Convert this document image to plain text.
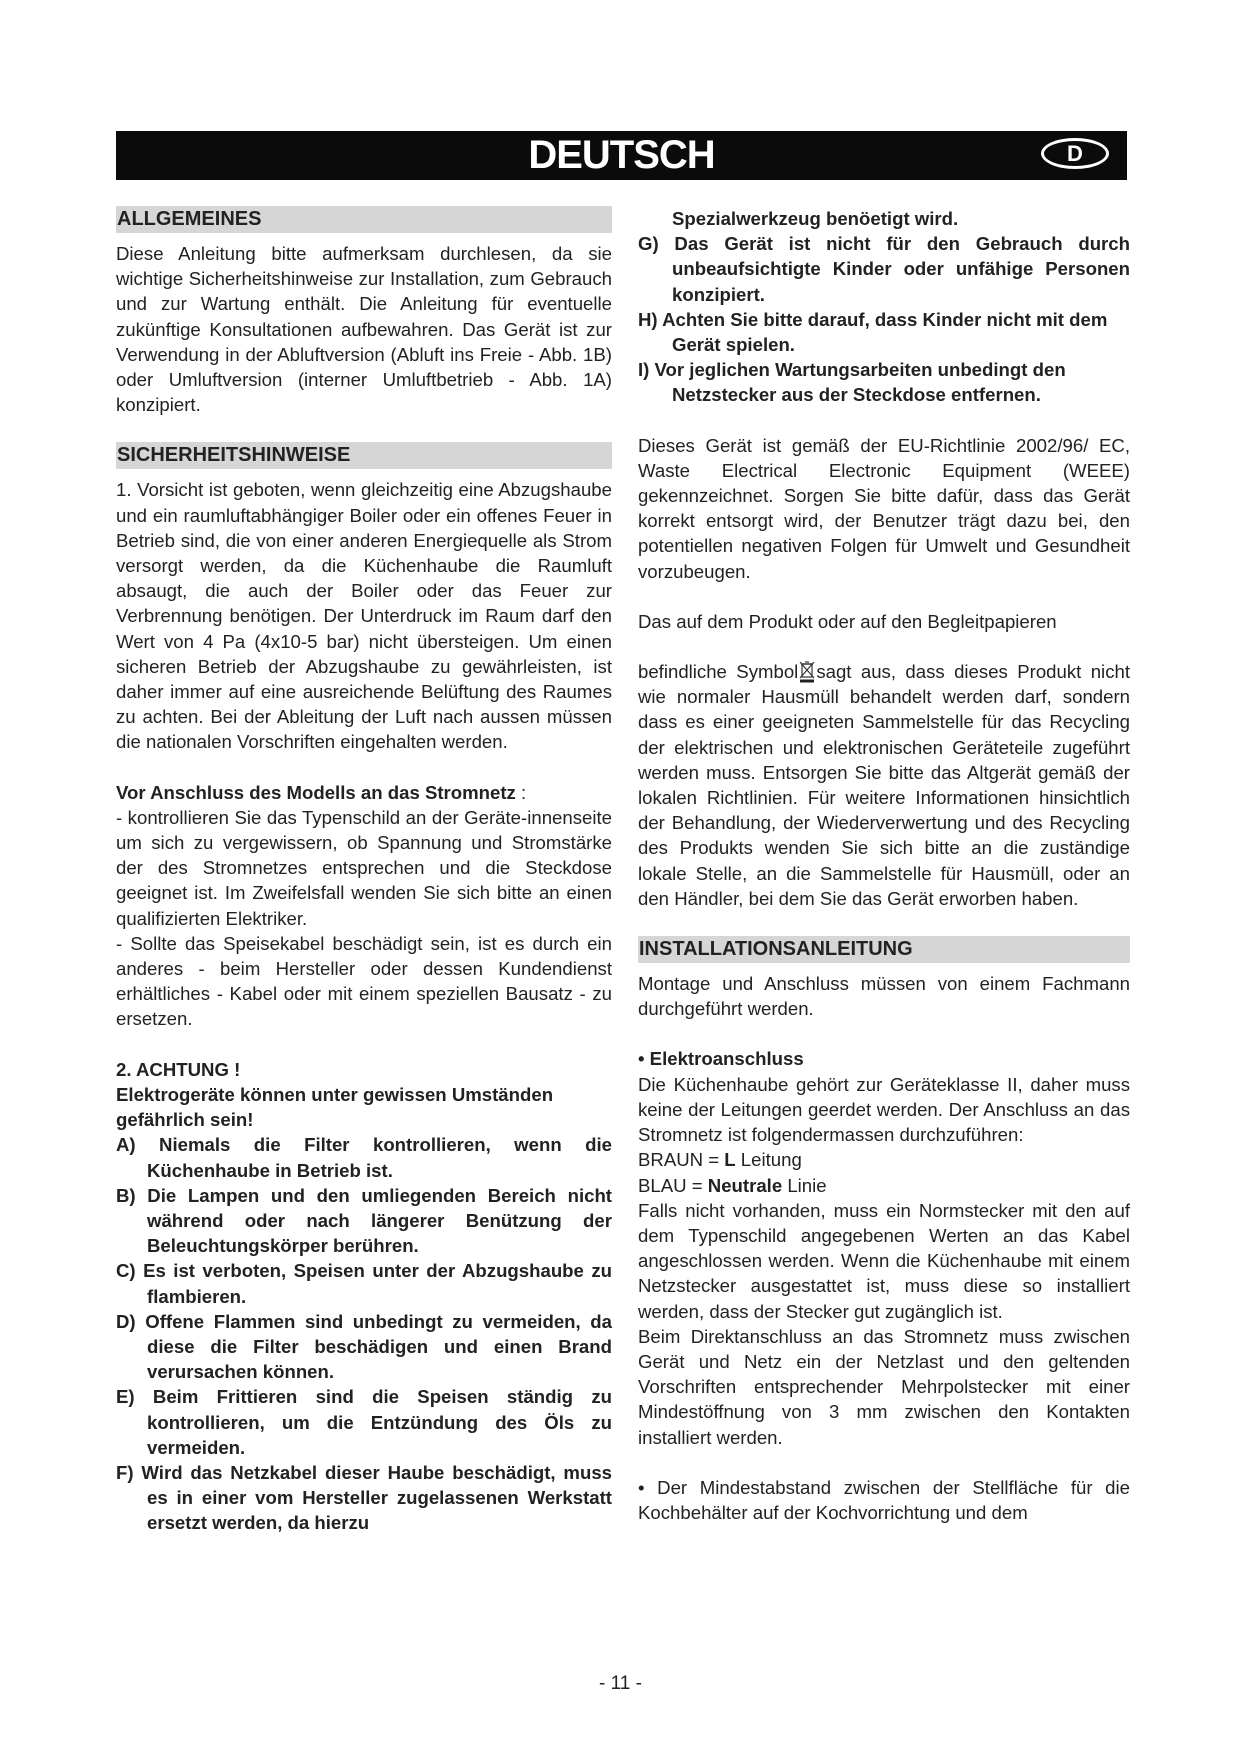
DEUTSCH	D
ALLGEMEINES

Diese Anleitung bitte aufmerksam durchlesen, da sie wichtige Sicherheitshinweise zur Installation, zum Gebrauch und zur Wartung enthält. Die Anleitung für eventuelle zukünftige Konsultationen aufbewahren. Das Gerät ist zur Verwendung in der Abluftversion (Abluft ins Freie - Abb. 1B) oder Umluftversion (interner Umluftbetrieb - Abb. 1A) konzipiert.

SICHERHEITSHINWEISE

1. Vorsicht ist geboten, wenn gleichzeitig eine Abzugshaube und ein raumluftabhängiger Boiler oder ein offenes Feuer in Betrieb sind, die von einer anderen Energiequelle als Strom versorgt werden, da die Küchenhaube die Raumluft absaugt, die auch der Boiler oder das Feuer zur Verbrennung benötigen. Der Unterdruck im Raum darf den Wert von 4 Pa (4x10-5 bar) nicht übersteigen. Um einen sicheren Betrieb der Abzugshaube zu gewährleisten, ist daher immer auf eine ausreichende Belüftung des Raumes zu achten. Bei der Ableitung der Luft nach aussen müssen die nationalen Vorschriften eingehalten werden.

Vor Anschluss des Modells an das Stromnetz :

- kontrollieren Sie das Typenschild an der Geräte-innenseite um sich zu vergewissern, ob Spannung und Stromstärke der des Stromnetzes entsprechen und die Steckdose geeignet ist. Im Zweifelsfall wenden Sie sich bitte an einen qualifizierten Elektriker.

- Sollte das Speisekabel beschädigt sein, ist es durch ein anderes - beim Hersteller oder dessen Kundendienst erhältliches - Kabel oder mit einem speziellen Bausatz - zu ersetzen.

2. ACHTUNG !

Elektrogeräte können unter gewissen Umständen gefährlich sein!

A) Niemals die Filter kontrollieren, wenn die Küchenhaube in Betrieb ist.

B) Die Lampen und den umliegenden Bereich nicht während oder nach längerer Benützung der Beleuchtungskörper berühren.

C) Es ist verboten, Speisen unter der Abzugshaube zu flambieren.

D) Offene Flammen sind unbedingt zu vermeiden, da diese die Filter beschädigen und einen Brand verursachen können.

E) Beim Frittieren sind die Speisen ständig zu kontrollieren, um die Entzündung des Öls zu vermeiden.

F) Wird das Netzkabel dieser Haube beschädigt, muss es in einer vom Hersteller zugelassenen Werkstatt ersetzt werden, da hierzu

Spezialwerkzeug benöetigt wird.

G) Das Gerät ist nicht für den Gebrauch durch unbeaufsichtigte Kinder oder unfähige Personen konzipiert.

H) Achten Sie bitte darauf, dass Kinder nicht mit dem Gerät spielen.

I) Vor jeglichen Wartungsarbeiten unbedingt den Netzstecker aus der Steckdose entfernen.

Dieses Gerät ist gemäß der EU-Richtlinie 2002/96/ EC, Waste Electrical Electronic Equipment (WEEE) gekennzeichnet. Sorgen Sie bitte dafür, dass das Gerät korrekt entsorgt wird, der Benutzer trägt dazu bei, den potentiellen negativen Folgen für Umwelt und Gesundheit vorzubeugen.

Das auf dem Produkt oder auf den Begleitpapieren

befindliche Symbol sagt aus, dass dieses Produkt nicht wie normaler Hausmüll behandelt werden darf, sondern dass es einer geeigneten Sammelstelle für das Recycling der elektrischen und elektronischen Geräteteile zugeführt werden muss. Entsorgen Sie bitte das Altgerät gemäß der lokalen Richtlinien. Für weitere Informationen hinsichtlich der Behandlung, der Wiederverwertung und des Recycling des Produkts wenden Sie sich bitte an die zuständige lokale Stelle, an die Sammelstelle für Hausmüll, oder an den Händler, bei dem Sie das Gerät erworben haben.

INSTALLATIONSANLEITUNG

Montage und Anschluss müssen von einem Fachmann durchgeführt werden.

• Elektroanschluss

Die Küchenhaube gehört zur Geräteklasse II, daher muss keine der Leitungen geerdet werden. Der Anschluss an das Stromnetz ist folgendermassen durchzuführen:

BRAUN = L Leitung

BLAU = Neutrale Linie

Falls nicht vorhanden, muss ein Normstecker mit den auf dem Typenschild angegebenen Werten an das Kabel angeschlossen werden. Wenn die Küchenhaube mit einem Netzstecker ausgestattet ist, muss diese so installiert werden, dass der Stecker gut zugänglich ist.

Beim Direktanschluss an das Stromnetz muss zwischen Gerät und Netz ein der Netzlast und den geltenden Vorschriften entsprechender Mehrpolstecker mit einer Mindestöffnung von 3 mm zwischen den Kontakten installiert werden.

• Der Mindestabstand zwischen der Stellfläche für die Kochbehälter auf der Kochvorrichtung und dem

- 11 -
